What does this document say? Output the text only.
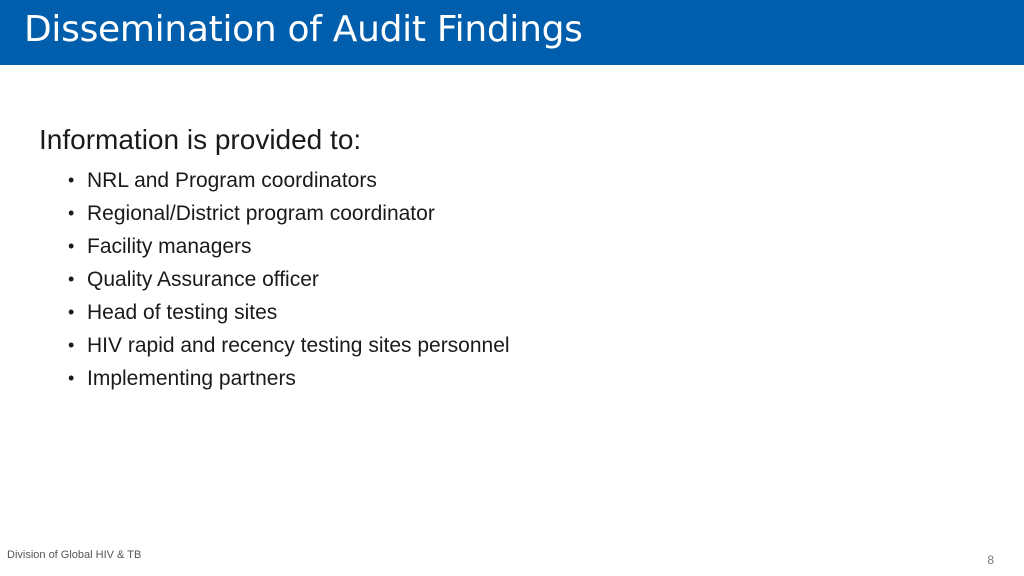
Dissemination of Audit Findings
Information is provided to:
• NRL and Program coordinators
• Regional/District program coordinator
• Facility managers
• Quality Assurance officer
• Head of testing sites
• HIV rapid and recency testing sites personnel
• Implementing partners
Division of Global HIV & TB	8
